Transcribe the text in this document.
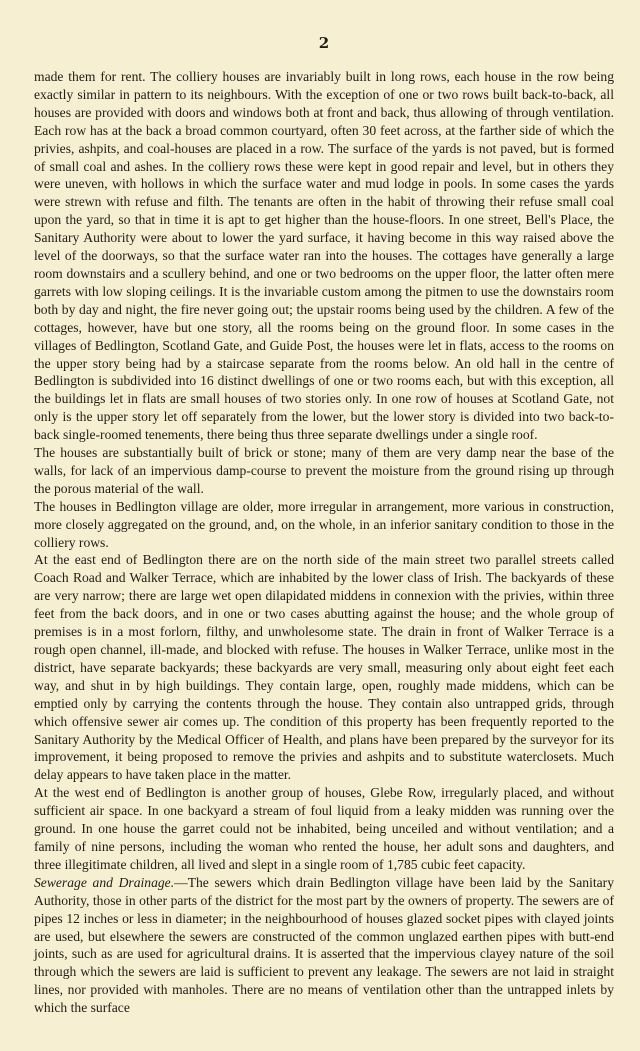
2

made them for rent. The colliery houses are invariably built in long rows, each house in the row being exactly similar in pattern to its neighbours. With the exception of one or two rows built back-to-back, all houses are provided with doors and windows both at front and back, thus allowing of through ventilation. Each row has at the back a broad common courtyard, often 30 feet across, at the farther side of which the privies, ashpits, and coal-houses are placed in a row. The surface of the yards is not paved, but is formed of small coal and ashes. In the colliery rows these were kept in good repair and level, but in others they were uneven, with hollows in which the surface water and mud lodge in pools. In some cases the yards were strewn with refuse and filth. The tenants are often in the habit of throwing their refuse small coal upon the yard, so that in time it is apt to get higher than the house-floors. In one street, Bell's Place, the Sanitary Authority were about to lower the yard surface, it having become in this way raised above the level of the doorways, so that the surface water ran into the houses. The cottages have generally a large room downstairs and a scullery behind, and one or two bedrooms on the upper floor, the latter often mere garrets with low sloping ceilings. It is the invariable custom among the pitmen to use the downstairs room both by day and night, the fire never going out; the upstair rooms being used by the children. A few of the cottages, however, have but one story, all the rooms being on the ground floor. In some cases in the villages of Bedlington, Scotland Gate, and Guide Post, the houses were let in flats, access to the rooms on the upper story being had by a staircase separate from the rooms below. An old hall in the centre of Bedlington is subdivided into 16 distinct dwellings of one or two rooms each, but with this exception, all the buildings let in flats are small houses of two stories only. In one row of houses at Scotland Gate, not only is the upper story let off separately from the lower, but the lower story is divided into two back-to-back single-roomed tenements, there being thus three separate dwellings under a single roof.

The houses are substantially built of brick or stone; many of them are very damp near the base of the walls, for lack of an impervious damp-course to prevent the moisture from the ground rising up through the porous material of the wall.

The houses in Bedlington village are older, more irregular in arrangement, more various in construction, more closely aggregated on the ground, and, on the whole, in an inferior sanitary condition to those in the colliery rows.

At the east end of Bedlington there are on the north side of the main street two parallel streets called Coach Road and Walker Terrace, which are inhabited by the lower class of Irish. The backyards of these are very narrow; there are large wet open dilapidated middens in connexion with the privies, within three feet from the back doors, and in one or two cases abutting against the house; and the whole group of premises is in a most forlorn, filthy, and unwholesome state. The drain in front of Walker Terrace is a rough open channel, ill-made, and blocked with refuse. The houses in Walker Terrace, unlike most in the district, have separate backyards; these backyards are very small, measuring only about eight feet each way, and shut in by high buildings. They contain large, open, roughly made middens, which can be emptied only by carrying the contents through the house. They contain also untrapped grids, through which offensive sewer air comes up. The condition of this property has been frequently reported to the Sanitary Authority by the Medical Officer of Health, and plans have been prepared by the surveyor for its improvement, it being proposed to remove the privies and ashpits and to substitute waterclosets. Much delay appears to have taken place in the matter.

At the west end of Bedlington is another group of houses, Glebe Row, irregularly placed, and without sufficient air space. In one backyard a stream of foul liquid from a leaky midden was running over the ground. In one house the garret could not be inhabited, being unceiled and without ventilation; and a family of nine persons, including the woman who rented the house, her adult sons and daughters, and three illegitimate children, all lived and slept in a single room of 1,785 cubic feet capacity.

Sewerage and Drainage.—The sewers which drain Bedlington village have been laid by the Sanitary Authority, those in other parts of the district for the most part by the owners of property. The sewers are of pipes 12 inches or less in diameter; in the neighbourhood of houses glazed socket pipes with clayed joints are used, but elsewhere the sewers are constructed of the common unglazed earthen pipes with butt-end joints, such as are used for agricultural drains. It is asserted that the impervious clayey nature of the soil through which the sewers are laid is sufficient to prevent any leakage. The sewers are not laid in straight lines, nor provided with manholes. There are no means of ventilation other than the untrapped inlets by which the surface
